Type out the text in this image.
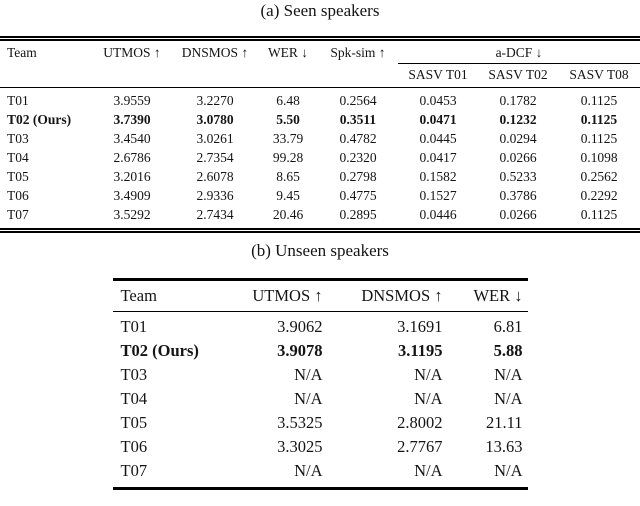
(a) Seen speakers
Team	UTMOS ↑	DNSMOS ↑	WER ↓	Spk-sim ↑	a-DCF ↓		
					SASV T01	SASV T02	SASV T08
T01	3.9559	3.2270	6.48	0.2564	0.0453	0.1782	0.1125
T02 (Ours)	3.7390	3.0780	5.50	0.3511	0.0471	0.1232	0.1125
T03	3.4540	3.0261	33.79	0.4782	0.0445	0.0294	0.1125
T04	2.6786	2.7354	99.28	0.2320	0.0417	0.0266	0.1098
T05	3.2016	2.6078	8.65	0.2798	0.1582	0.5233	0.2562
T06	3.4909	2.9336	9.45	0.4775	0.1527	0.3786	0.2292
T07	3.5292	2.7434	20.46	0.2895	0.0446	0.0266	0.1125
(b) Unseen speakers
Team	UTMOS ↑	DNSMOS ↑	WER ↓
T01	3.9062	3.1691	6.81
T02 (Ours)	3.9078	3.1195	5.88
T03	N/A	N/A	N/A
T04	N/A	N/A	N/A
T05	3.5325	2.8002	21.11
T06	3.3025	2.7767	13.63
T07	N/A	N/A	N/A
